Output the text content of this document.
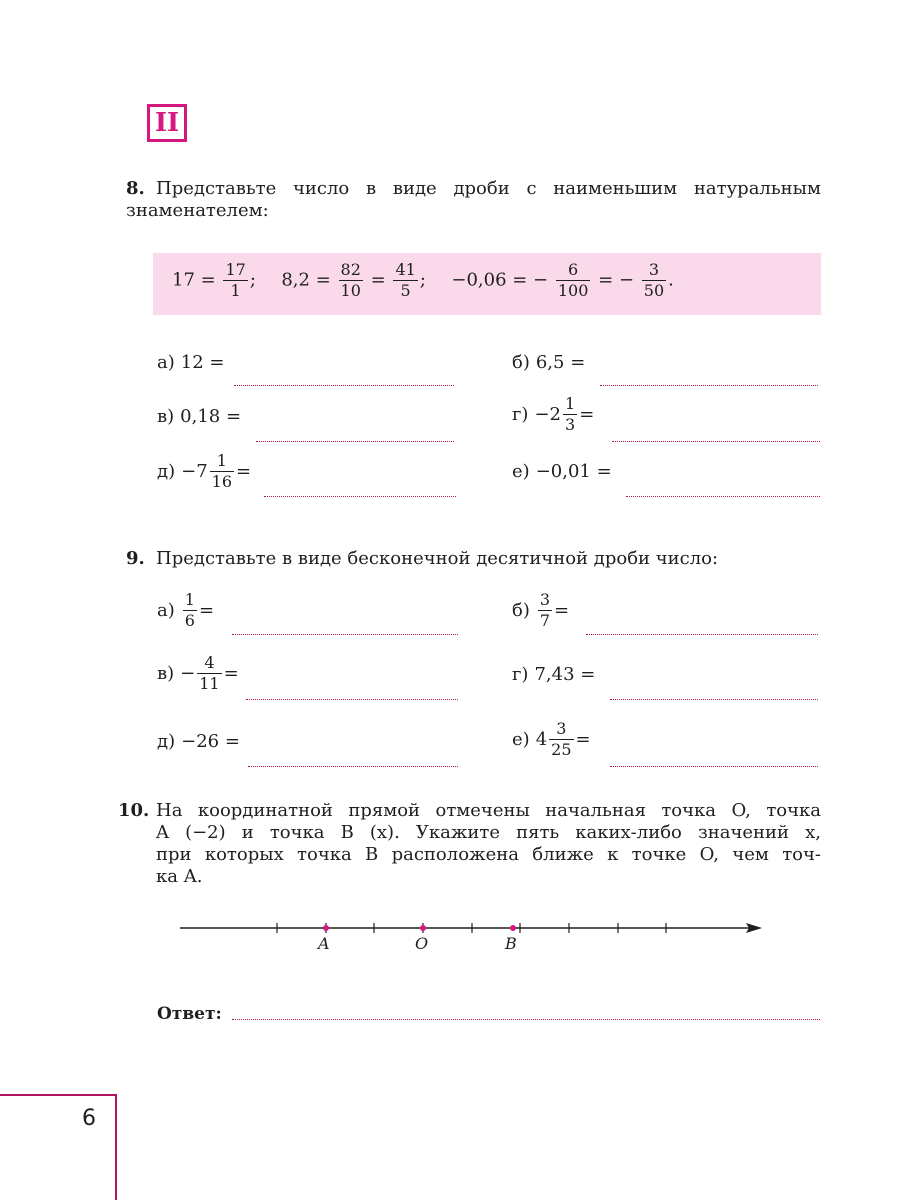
II
8. Представьте число в виде дроби с наименьшим натуральным знаменателем:
$17 = \frac{17}{1}$ ; $8,2 = \frac{82}{10} = \frac{41}{5}$ ; −0,06 = − $\frac{6}{100}$ = − $\frac{3}{50}$ .
а) 12 =	б) 6,5 =
в) 0,18 =	$г) -2 \frac{1}{3}$ =
$д) -7 \frac{1}{16}$ =	е) −0,01 =
9. Представьте в виде бесконечной десятичной дроби число:
$а) \frac{1}{6}$ =	$б) \frac{3}{7}$ =
$в) - \frac{4}{11}$ =	г) 7,43 =
д) −26 =	е) $4 \frac{3}{25}$ =
10. На координатной прямой отмечены начальная точка O, точка
A (−2) и точка B (x). Укажите пять каких-либо значений x,
при которых точка B расположена ближе к точке O, чем точ-
ка A.
A	O	B
Ответ:
6
